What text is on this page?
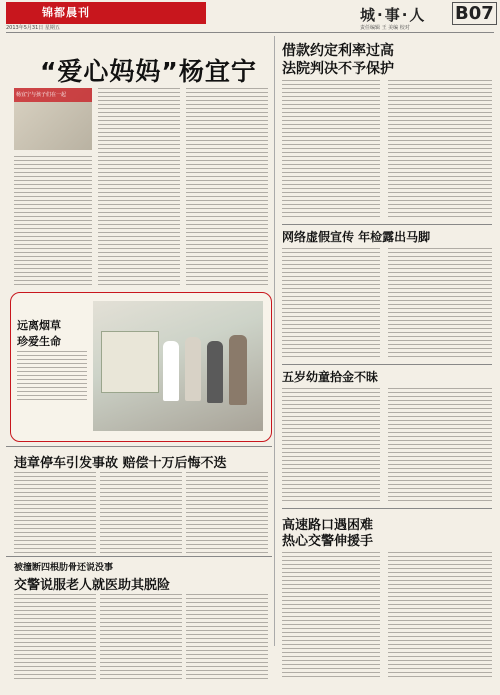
锦都晨刊
2013年5月31日 星期五
城·事·人 B07
责任编辑 王 美编 校对
“爱心妈妈”杨宜宁
杨宜宁与孩子们在一起
借款约定利率过高
法院判决不予保护
网络虚假宣传 年检露出马脚
五岁幼童拾金不昧
远离烟草
珍爱生命
违章停车引发事故 赔偿十万后悔不迭
被撞断四根肋骨还说没事
交警说服老人就医助其脱险
高速路口遇困难
热心交警伸援手
